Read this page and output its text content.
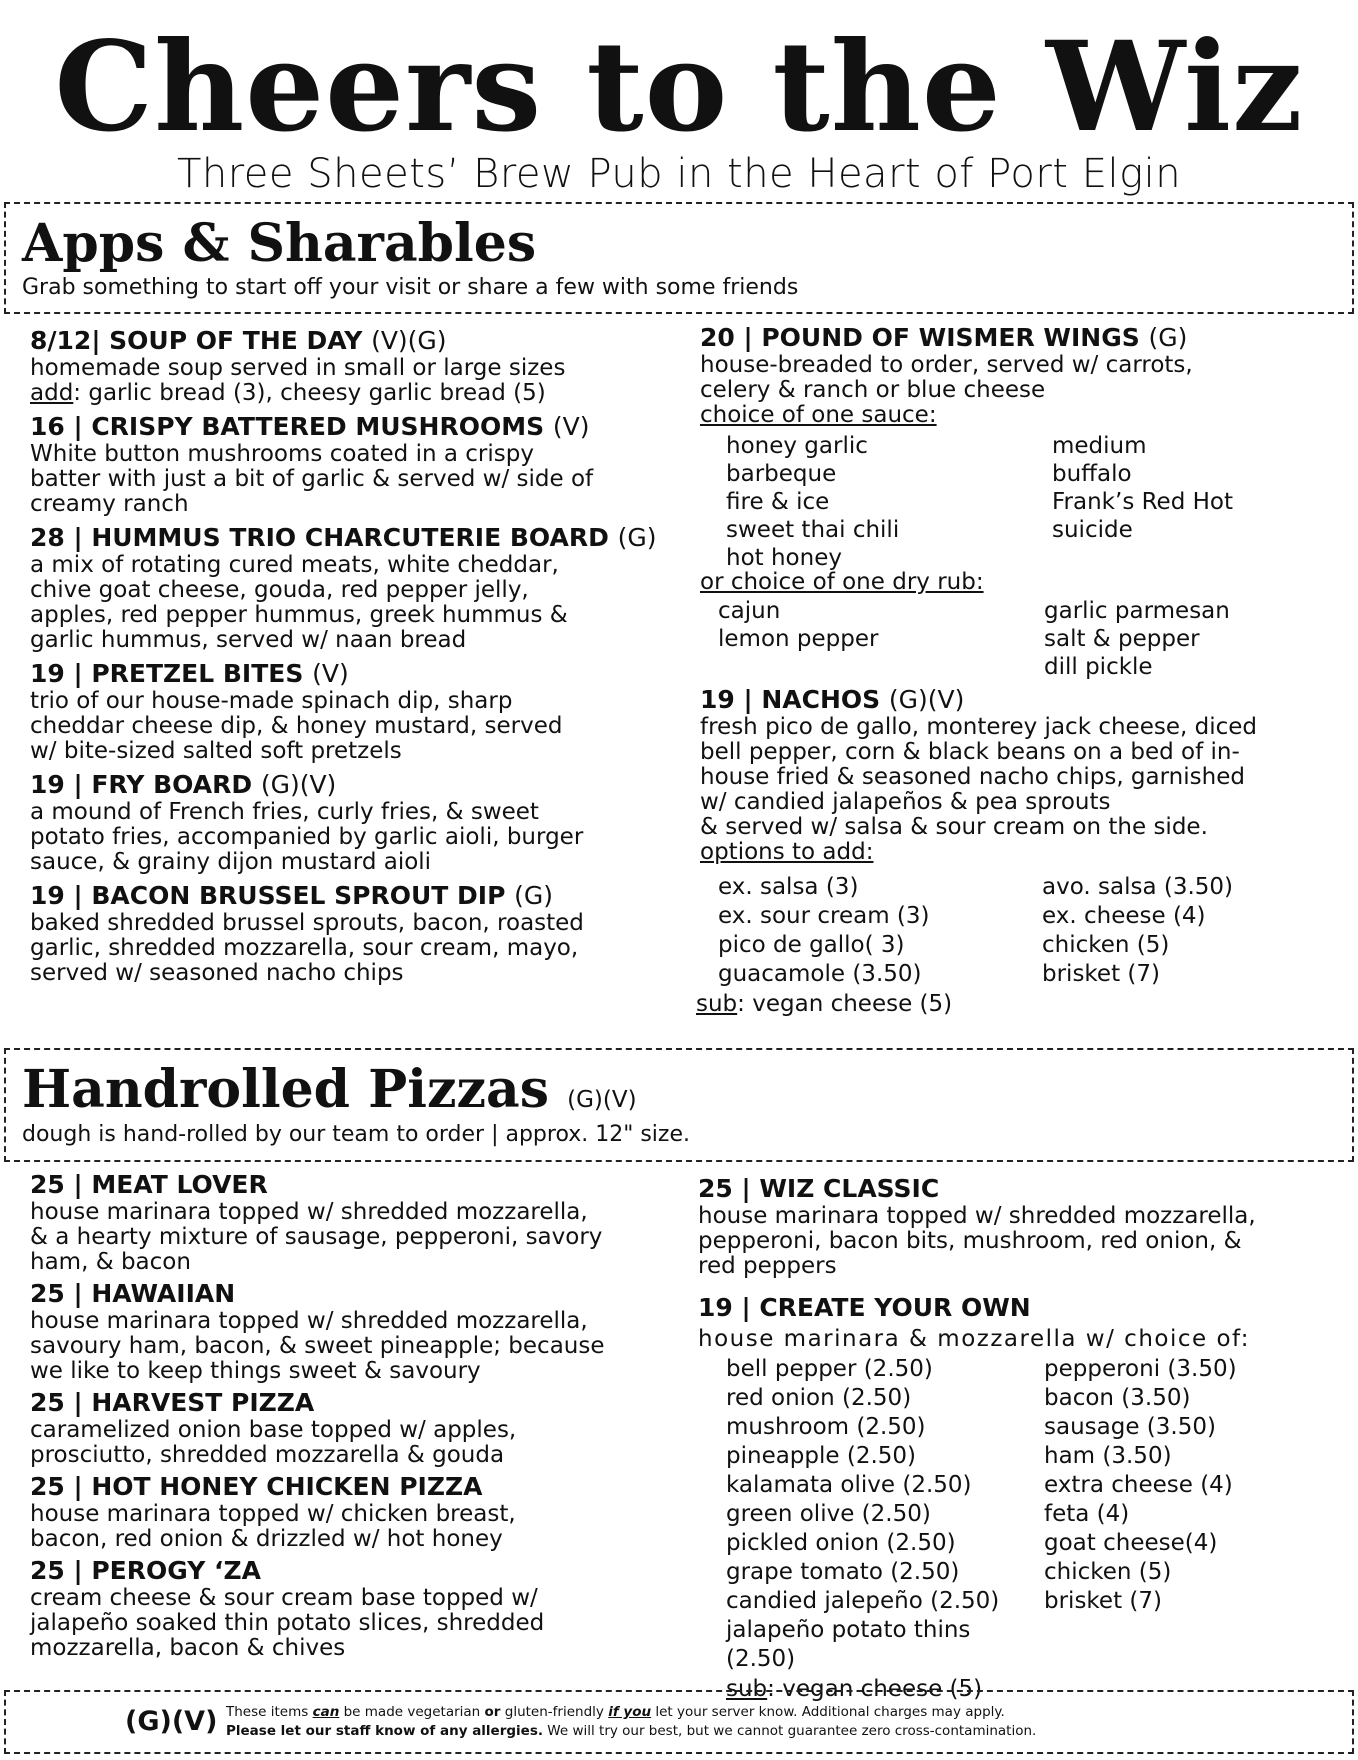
Cheers to the Wiz
Three Sheets’ Brew Pub in the Heart of Port Elgin
Apps & Sharables
Grab something to start off your visit or share a few with some friends
8/12| SOUP OF THE DAY (V)(G)
homemade soup served in small or large sizes
add: garlic bread (3), cheesy garlic bread (5)
16 | CRISPY BATTERED MUSHROOMS (V)
White button mushrooms coated in a crispy
batter with just a bit of garlic & served w/ side of
creamy ranch
28 | HUMMUS TRIO CHARCUTERIE BOARD (G)
a mix of rotating cured meats, white cheddar,
chive goat cheese, gouda, red pepper jelly,
apples, red pepper hummus, greek hummus &
garlic hummus, served w/ naan bread
19 | PRETZEL BITES (V)
trio of our house-made spinach dip, sharp
cheddar cheese dip, & honey mustard, served
w/ bite-sized salted soft pretzels
19 | FRY BOARD (G)(V)
a mound of French fries, curly fries, & sweet
potato fries, accompanied by garlic aioli, burger
sauce, & grainy dijon mustard aioli
19 | BACON BRUSSEL SPROUT DIP (G)
baked shredded brussel sprouts, bacon, roasted
garlic, shredded mozzarella, sour cream, mayo,
served w/ seasoned nacho chips
20 | POUND OF WISMER WINGS (G)
house-breaded to order, served w/ carrots,
celery & ranch or blue cheese
choice of one sauce:
honey garlic
barbeque
fire & ice
sweet thai chili
hot honey
medium
buffalo
Frank’s Red Hot
suicide
or choice of one dry rub:
cajun
lemon pepper
garlic parmesan
salt & pepper
dill pickle
19 | NACHOS (G)(V)
fresh pico de gallo, monterey jack cheese, diced
bell pepper, corn & black beans on a bed of in-
house fried & seasoned nacho chips, garnished
w/ candied jalapeños & pea sprouts
& served w/ salsa & sour cream on the side.
options to add:
ex. salsa (3)
ex. sour cream (3)
pico de gallo( 3)
guacamole (3.50)
avo. salsa (3.50)
ex. cheese (4)
chicken (5)
brisket (7)
sub: vegan cheese (5)
Handrolled Pizzas (G)(V)
dough is hand-rolled by our team to order | approx. 12" size.
25 | MEAT LOVER
house marinara topped w/ shredded mozzarella,
& a hearty mixture of sausage, pepperoni, savory
ham, & bacon
25 | HAWAIIAN
house marinara topped w/ shredded mozzarella,
savoury ham, bacon, & sweet pineapple; because
we like to keep things sweet & savoury
25 | HARVEST PIZZA
caramelized onion base topped w/ apples,
prosciutto, shredded mozzarella & gouda
25 | HOT HONEY CHICKEN PIZZA
house marinara topped w/ chicken breast,
bacon, red onion & drizzled w/ hot honey
25 | PEROGY ‘ZA
cream cheese & sour cream base topped w/
jalapeño soaked thin potato slices, shredded
mozzarella, bacon & chives
25 | WIZ CLASSIC
house marinara topped w/ shredded mozzarella,
pepperoni, bacon bits, mushroom, red onion, &
red peppers
19 | CREATE YOUR OWN
house marinara & mozzarella w/ choice of:
bell pepper (2.50)
red onion (2.50)
mushroom (2.50)
pineapple (2.50)
kalamata olive (2.50)
green olive (2.50)
pickled onion (2.50)
grape tomato (2.50)
candied jalepeño (2.50)
jalapeño potato thins (2.50)
pepperoni (3.50)
bacon (3.50)
sausage (3.50)
ham (3.50)
extra cheese (4)
feta (4)
goat cheese(4)
chicken (5)
brisket (7)
sub: vegan cheese (5)
(G)(V) These items can be made vegetarian or gluten-friendly if you let your server know. Additional charges may apply.
Please let our staff know of any allergies. We will try our best, but we cannot guarantee zero cross-contamination.
